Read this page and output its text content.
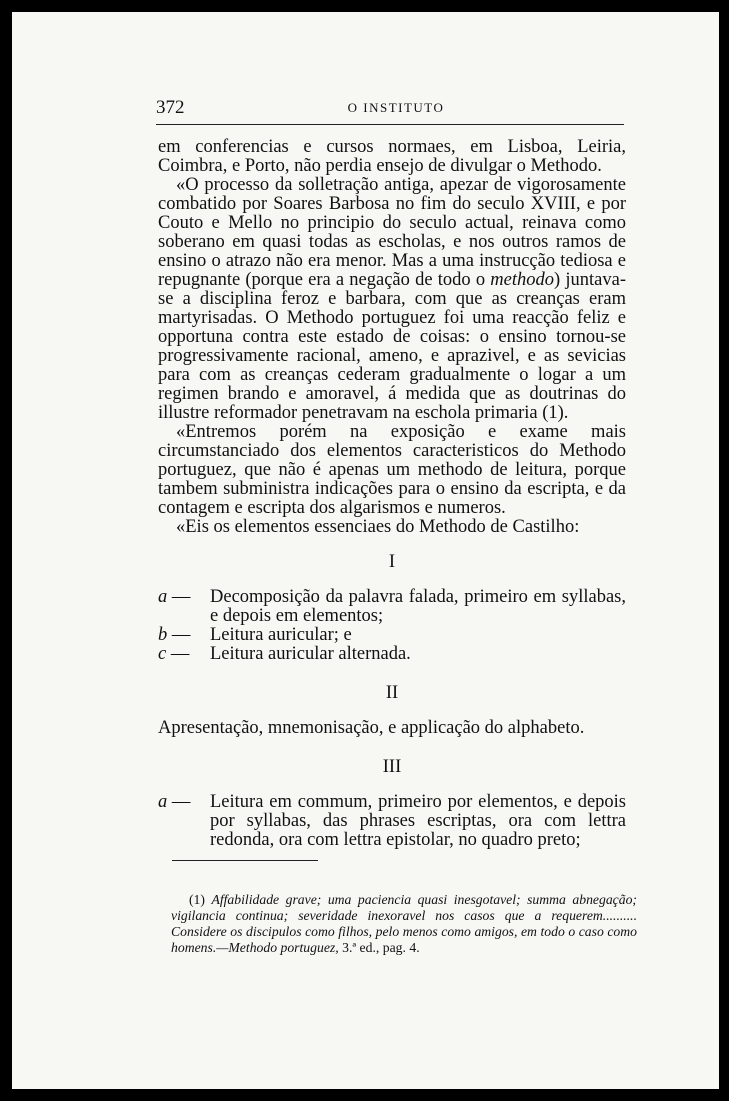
372	O INSTITUTO

em conferencias e cursos normaes, em Lisboa, Leiria, Coimbra, e Porto, não perdia ensejo de divulgar o Methodo.

«O processo da solletração antiga, apezar de vigorosamente combatido por Soares Barbosa no fim do seculo XVIII, e por Couto e Mello no principio do seculo actual, reinava como soberano em quasi todas as escholas, e nos outros ramos de ensino o atrazo não era menor. Mas a uma instrucção tediosa e repugnante (porque era a negação de todo o methodo) juntava-se a disciplina feroz e barbara, com que as creanças eram martyrisadas. O Methodo portuguez foi uma reacção feliz e opportuna contra este estado de coisas: o ensino tornou-se progressivamente racional, ameno, e aprazivel, e as sevicias para com as creanças cederam gradualmente o logar a um regimen brando e amoravel, á medida que as doutrinas do illustre reformador penetravam na eschola primaria (1).

«Entremos porém na exposição e exame mais circumstanciado dos elementos caracteristicos do Methodo portuguez, que não é apenas um methodo de leitura, porque tambem subministra indicações para o ensino da escripta, e da contagem e escripta dos algarismos e numeros.

«Eis os elementos essenciaes do Methodo de Castilho:

I

a —	Decomposição da palavra falada, primeiro em syllabas, e depois em elementos;

b —	Leitura auricular; e

c —	Leitura auricular alternada.

II

Apresentação, mnemonisação, e applicação do alphabeto.

III

a —	Leitura em commum, primeiro por elementos, e depois por syllabas, das phrases escriptas, ora com lettra redonda, ora com lettra epistolar, no quadro preto;

(1) Affabilidade grave; uma paciencia quasi inesgotavel; summa abnegação; vigilancia continua; severidade inexoravel nos casos que a requerem.......... Considere os discipulos como filhos, pelo menos como amigos, em todo o caso como homens.—Methodo portuguez, 3.ª ed., pag. 4.
